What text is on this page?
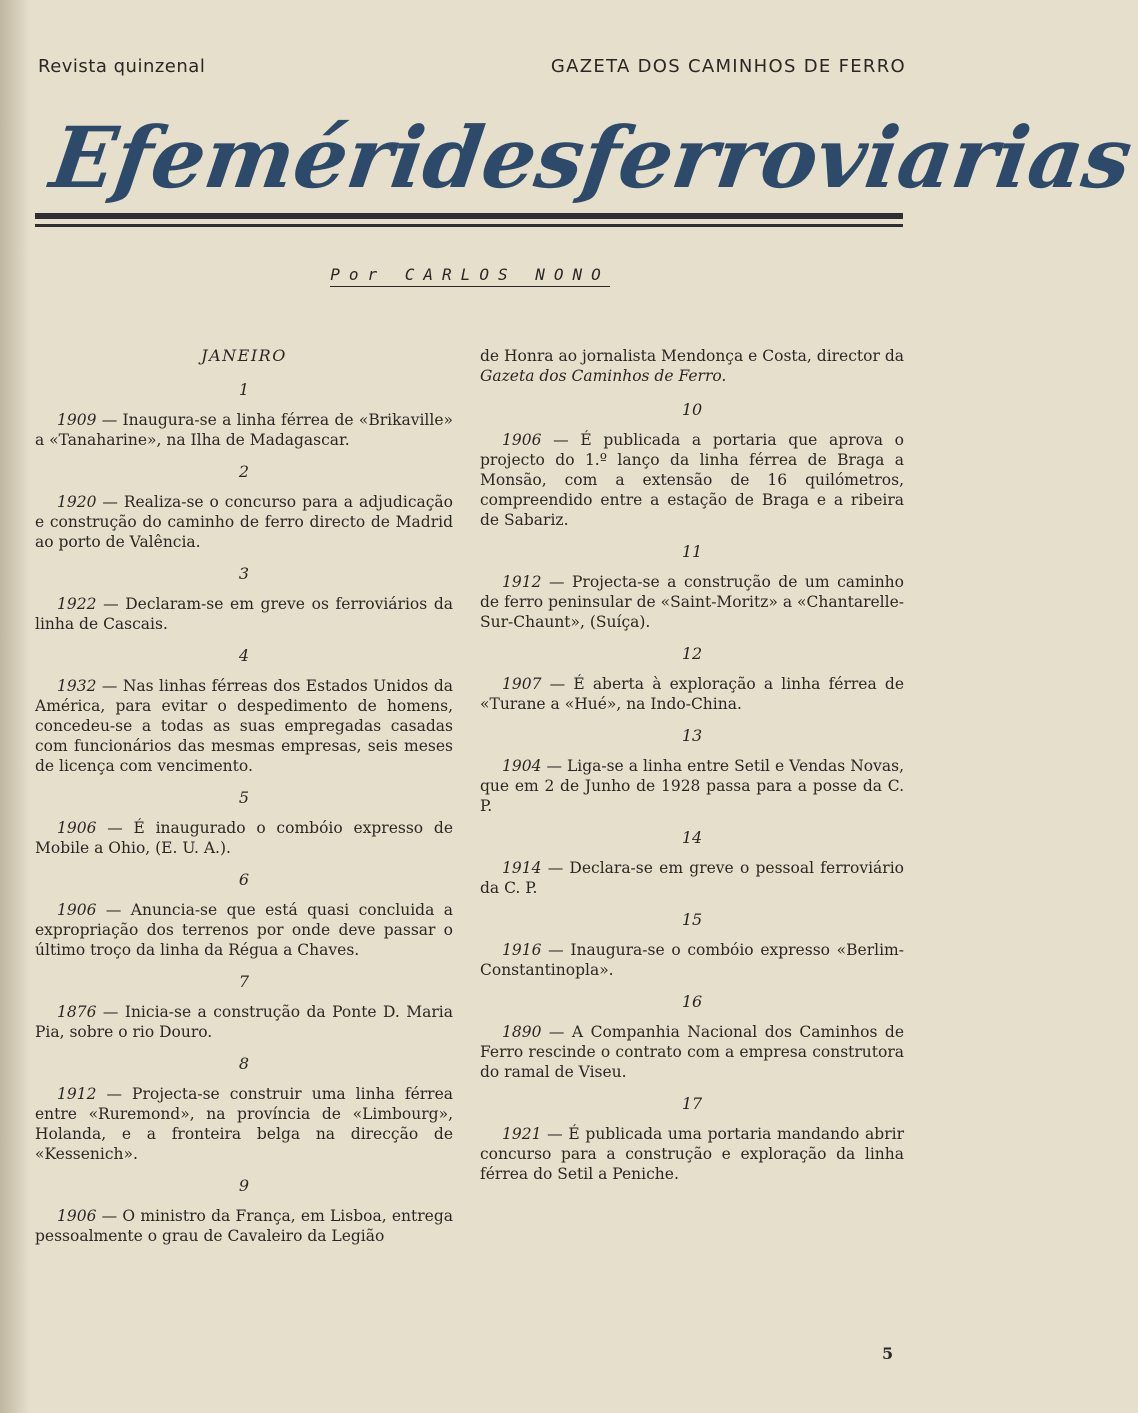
Revista quinzenal	GAZETA DOS CAMINHOS DE FERRO
Efemérides
ferroviarias
Por CARLOS NONO
JANEIRO
1

1909 — Inaugura-se a linha férrea de «Brikaville» a «Tanaharine», na Ilha de Madagascar.

2

1920 — Realiza-se o concurso para a adjudicação e construção do caminho de ferro directo de Madrid ao porto de Valência.

3

1922 — Declaram-se em greve os ferroviários da linha de Cascais.

4

1932 — Nas linhas férreas dos Estados Unidos da América, para evitar o despedimento de homens, concedeu-se a todas as suas empregadas casadas com funcionários das mesmas empresas, seis meses de licença com vencimento.

5

1906 — É inaugurado o combóio expresso de Mobile a Ohio, (E. U. A.).

6

1906 — Anuncia-se que está quasi concluida a expropriação dos terrenos por onde deve passar o último troço da linha da Régua a Chaves.

7

1876 — Inicia-se a construção da Ponte D. Maria Pia, sobre o rio Douro.

8

1912 — Projecta-se construir uma linha férrea entre «Ruremond», na província de «Limbourg», Holanda, e a fronteira belga na direcção de «Kessenich».

9

1906 — O ministro da França, em Lisboa, entrega pessoalmente o grau de Cavaleiro da Legião

de Honra ao jornalista Mendonça e Costa, director da Gazeta dos Caminhos de Ferro.

10

1906 — É publicada a portaria que aprova o projecto do 1.º lanço da linha férrea de Braga a Monsão, com a extensão de 16 quilómetros, compreendido entre a estação de Braga e a ribeira de Sabariz.

11

1912 — Projecta-se a construção de um caminho de ferro peninsular de «Saint-Moritz» a «Chantarelle-Sur-Chaunt», (Suíça).

12

1907 — É aberta à exploração a linha férrea de «Turane a «Hué», na Indo-China.

13

1904 — Liga-se a linha entre Setil e Vendas Novas, que em 2 de Junho de 1928 passa para a posse da C. P.

14

1914 — Declara-se em greve o pessoal ferroviário da C. P.

15

1916 — Inaugura-se o combóio expresso «Berlim-Constantinopla».

16

1890 — A Companhia Nacional dos Caminhos de Ferro rescinde o contrato com a empresa construtora do ramal de Viseu.

17

1921 — É publicada uma portaria mandando abrir concurso para a construção e exploração da linha férrea do Setil a Peniche.

5
